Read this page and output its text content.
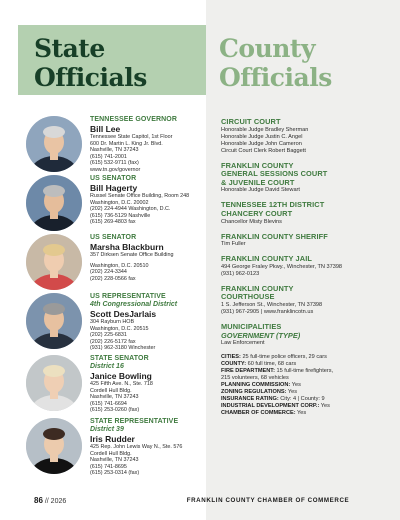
State
Officials
County
Officials
TENNESSEE GOVERNOR
Bill Lee
Tennessee State Capitol, 1st Floor
600 Dr. Martin L. King Jr. Blvd.
Nashville, TN 37243
(615) 741-2001
(615) 532-9711 (fax)
www.tn.gov/governor
US SENATOR
Bill Hagerty
Russel Senate Office Building, Room 248
Washington, D.C. 20002
(202) 224-4944 Washington, D.C.
(615) 736-5129 Nashville
(615) 269-4803 fax
US SENATOR
Marsha Blackburn
357 Dirksen Senate Office Building
Washington, D.C. 20510
(202) 224-3344
(202) 228-0566 fax
US REPRESENTATIVE
4th Congressional District
Scott DesJarlais
304 Rayburn HOB
Washington, D.C. 20515
(202) 225-6831
(202) 226-5172 fax
(931) 962-3180 Winchester
STATE SENATOR
District 16
Janice Bowling
425 Fifth Ave. N., Ste. 718
Cordell Hull Bldg.
Nashville, TN 37243
(615) 741-6694
(615) 253-0260 (fax)
STATE REPRESENTATIVE
District 39
Iris Rudder
425 Rep. John Lewis Way N., Ste. 576
Cordell Hull Bldg.
Nashville, TN 37243
(615) 741-8695
(615) 253-0314 (fax)
CIRCUIT COURT
Honorable Judge Bradley Sherman
Honorable Judge Justin C. Angel
Honorable Judge John Cameron
Circuit Court Clerk Robert Baggett
FRANKLIN COUNTY
GENERAL SESSIONS COURT
& JUVENILE COURT
Honorable Judge David Stewart
TENNESSEE 12TH DISTRICT
CHANCERY COURT
Chancellor Misty Blevins
FRANKLIN COUNTY SHERIFF
Tim Fuller
FRANKLIN COUNTY JAIL
494 George Fraley Pkwy., Winchester, TN 37398
(931) 962-0123
FRANKLIN COUNTY
COURTHOUSE
1 S. Jefferson St., Winchester, TN 37398
(931) 967-2905 | www.franklincotn.us
MUNICIPALITIES
GOVERNMENT (TYPE)
Law Enforcement
CITIES: 25 full-time police officers, 29 cars
COUNTY: 60 full time, 68 cars
FIRE DEPARTMENT: 15 full-time firefighters,
215 volunteers, 68 vehicles
PLANNING COMMISSION: Yes
ZONING REGULATIONS: Yes
INSURANCE RATING: City: 4 | County: 9
INDUSTRIAL DEVELOPMENT CORP.: Yes
CHAMBER OF COMMERCE: Yes
86 // 2026	FRANKLIN COUNTY CHAMBER OF COMMERCE
